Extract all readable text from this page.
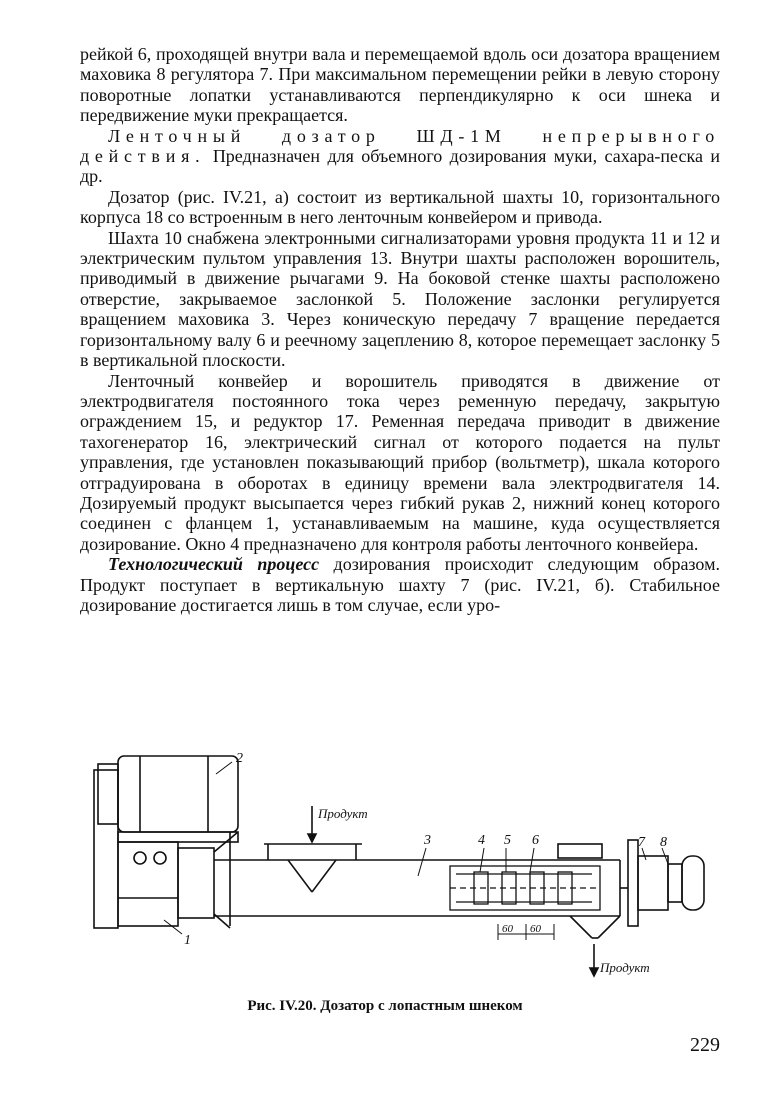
рейкой 6, проходящей внутри вала и перемещаемой вдоль оси дозатора вращением маховика 8 регулятора 7. При максимальном перемещении рейки в левую сторону поворотные лопатки устанавливаются перпендикулярно к оси шнека и передвижение муки прекращается.

Ленточный дозатор ШД-1М непрерывного действия. Предназначен для объемного дозирования муки, сахара-песка и др.

Дозатор (рис. IV.21, а) состоит из вертикальной шахты 10, горизонтального корпуса 18 со встроенным в него ленточным конвейером и привода.

Шахта 10 снабжена электронными сигнализаторами уровня продукта 11 и 12 и электрическим пультом управления 13. Внутри шахты расположен ворошитель, приводимый в движение рычагами 9. На боковой стенке шахты расположено отверстие, закрываемое заслонкой 5. Положение заслонки регулируется вращением маховика 3. Через коническую передачу 7 вращение передается горизонтальному валу 6 и реечному зацеплению 8, которое перемещает заслонку 5 в вертикальной плоскости.

Ленточный конвейер и ворошитель приводятся в движение от электродвигателя постоянного тока через ременную передачу, закрытую ограждением 15, и редуктор 17. Ременная передача приводит в движение тахогенератор 16, электрический сигнал от которого подается на пульт управления, где установлен показывающий прибор (вольтметр), шкала которого отградуирована в оборотах в единицу времени вала электродвигателя 14. Дозируемый продукт высыпается через гибкий рукав 2, нижний конец которого соединен с фланцем 1, устанавливаемым на машине, куда осуществляется дозирование. Окно 4 предназначено для контроля работы ленточного конвейера.

Технологический процесс дозирования происходит следующим образом. Продукт поступает в вертикальную шахту 7 (рис. IV.21, б). Стабильное дозирование достигается лишь в том случае, если уро-

2
1
3	4 5 6	7 8
Продукт
Продукт
60 60
Рис. IV.20. Дозатор с лопастным шнеком
229
